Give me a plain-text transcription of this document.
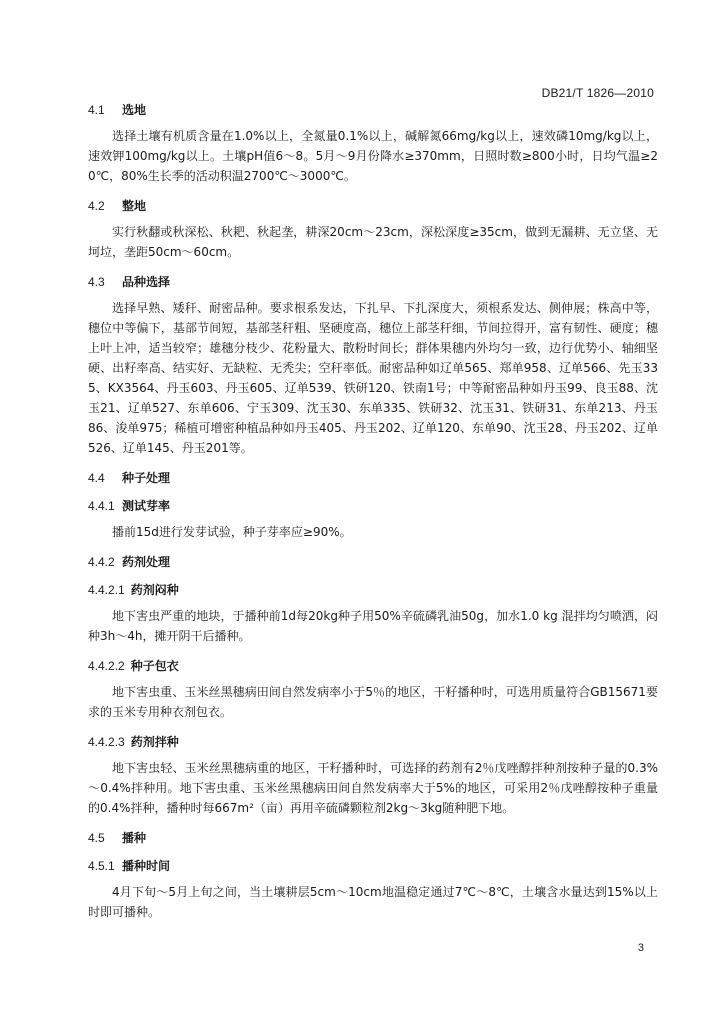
DB21/T 1826—2010
4.1 选地
选择土壤有机质含量在1.0%以上，全氮量0.1%以上，碱解氮66mg/kg以上，速效磷10mg/kg以上，速效钾100mg/kg以上。土壤pH值6～8。5月～9月份降水≥370mm，日照时数≥800小时，日均气温≥20℃，80%生长季的活动积温2700℃～3000℃。
4.2 整地
实行秋翻或秋深松、秋耙、秋起垄，耕深20cm～23cm，深松深度≥35cm，做到无漏耕、无立垡、无坷垃，垄距50cm～60cm。
4.3 品种选择
选择早熟、矮秆、耐密品种。要求根系发达，下扎早、下扎深度大，须根系发达、侧伸展；株高中等，穗位中等偏下，基部节间短，基部茎秆粗、坚硬度高，穗位上部茎秆细，节间拉得开，富有韧性、硬度；穗上叶上冲，适当较窄；雄穗分枝少、花粉量大、散粉时间长；群体果穗内外均匀一致，边行优势小、轴细坚硬、出籽率高、结实好、无缺粒、无秃尖；空秆率低。耐密品种如辽单565、郑单958、辽单566、先玉335、KX3564、丹玉603、丹玉605、辽单539、铁研120、铁南1号；中等耐密品种如丹玉99、良玉88、沈玉21、辽单527、东单606、宁玉309、沈玉30、东单335、铁研32、沈玉31、铁研31、东单213、丹玉86、浚单975；稀植可增密种植品种如丹玉405、丹玉202、辽单120、东单90、沈玉28、丹玉202、辽单526、辽单145、丹玉201等。
4.4 种子处理
4.4.1 测试芽率
播前15d进行发芽试验，种子芽率应≥90%。
4.4.2 药剂处理
4.4.2.1 药剂闷种
地下害虫严重的地块，于播种前1d每20kg种子用50%辛硫磷乳油50g，加水1.0 kg 混拌均匀喷洒，闷种3h～4h，摊开阴干后播种。
4.4.2.2 种子包衣
地下害虫重、玉米丝黑穗病田间自然发病率小于5％的地区，干籽播种时，可选用质量符合GB15671要求的玉米专用种衣剂包衣。
4.4.2.3 药剂拌种
地下害虫轻、玉米丝黑穗病重的地区，干籽播种时，可选择的药剂有2％戊唑醇拌种剂按种子量的0.3%～0.4%拌种用。地下害虫重、玉米丝黑穗病田间自然发病率大于5%的地区，可采用2％戊唑醇按种子重量的0.4%拌种，播种时每667m²（亩）再用辛硫磷颗粒剂2kg～3kg随种肥下地。
4.5 播种
4.5.1 播种时间
4月下旬～5月上旬之间，当土壤耕层5cm～10cm地温稳定通过7℃～8℃，土壤含水量达到15%以上时即可播种。
3
